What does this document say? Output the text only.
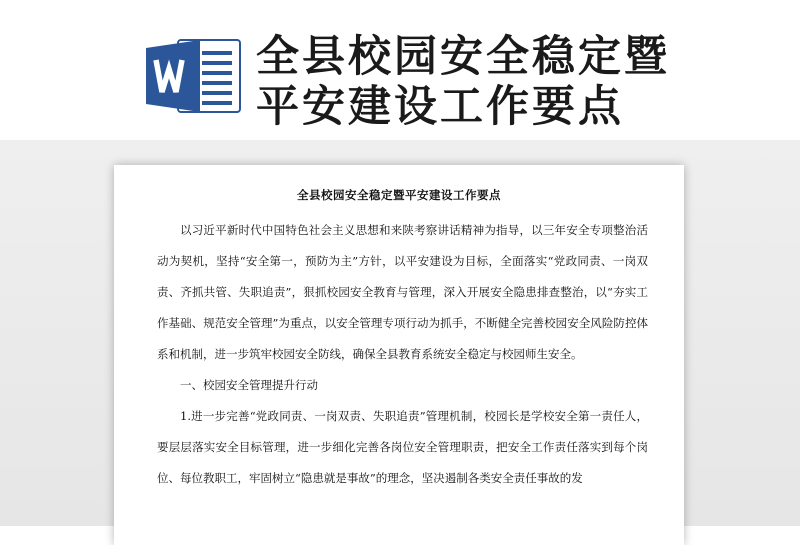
全县校园安全稳定暨
平安建设工作要点
全县校园安全稳定暨平安建设工作要点

以习近平新时代中国特色社会主义思想和来陕考察讲话精神为指导，以三年安全专项整治活动为契机，坚持“安全第一，预防为主”方针，以平安建设为目标，全面落实“党政同责、一岗双责、齐抓共管、失职追责”，狠抓校园安全教育与管理，深入开展安全隐患排查整治，以“夯实工作基础、规范安全管理”为重点，以安全管理专项行动为抓手，不断健全完善校园安全风险防控体系和机制，进一步筑牢校园安全防线，确保全县教育系统安全稳定与校园师生安全。

一、校园安全管理提升行动

1.进一步完善“党政同责、一岗双责、失职追责”管理机制，校园长是学校安全第一责任人，要层层落实安全目标管理，进一步细化完善各岗位安全管理职责，把安全工作责任落实到每个岗位、每位教职工，牢固树立“隐患就是事故”的理念，坚决遏制各类安全责任事故的发
